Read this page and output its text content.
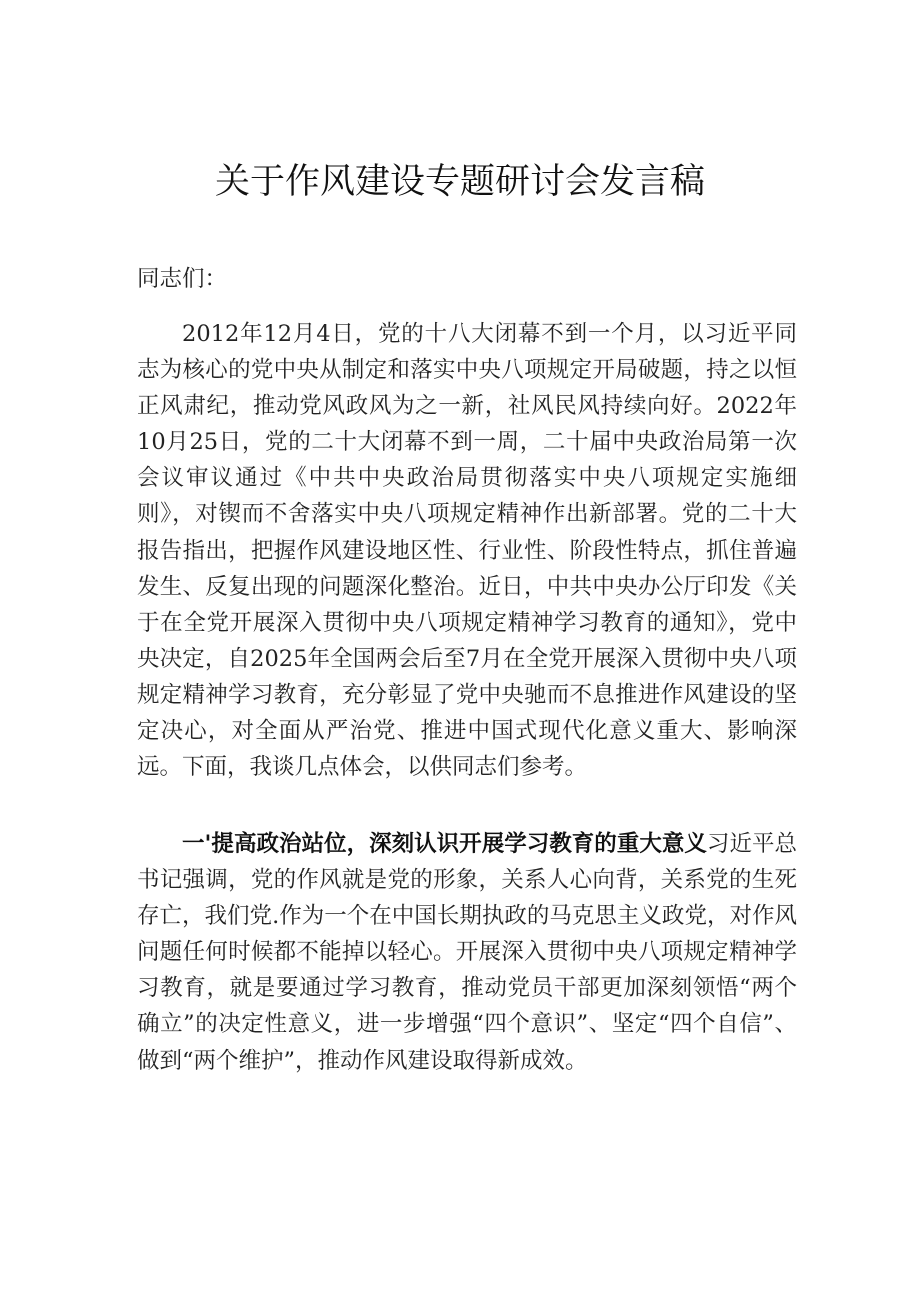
关于作风建设专题研讨会发言稿

同志们：

2012年12月4日，党的十八大闭幕不到一个月，以习近平同志为核心的党中央从制定和落实中央八项规定开局破题，持之以恒正风肃纪，推动党风政风为之一新，社风民风持续向好。2022年10月25日，党的二十大闭幕不到一周，二十届中央政治局第一次会议审议通过《中共中央政治局贯彻落实中央八项规定实施细则》，对锲而不舍落实中央八项规定精神作出新部署。党的二十大报告指出，把握作风建设地区性、行业性、阶段性特点，抓住普遍发生、反复出现的问题深化整治。近日，中共中央办公厅印发《关于在全党开展深入贯彻中央八项规定精神学习教育的通知》，党中央决定，自2025年全国两会后至7月在全党开展深入贯彻中央八项规定精神学习教育，充分彰显了党中央驰而不息推进作风建设的坚定决心，对全面从严治党、推进中国式现代化意义重大、影响深远。下面，我谈几点体会，以供同志们参考。

一'提高政治站位，深刻认识开展学习教育的重大意义习近平总书记强调，党的作风就是党的形象，关系人心向背，关系党的生死存亡，我们党.作为一个在中国长期执政的马克思主义政党，对作风问题任何时候都不能掉以轻心。开展深入贯彻中央八项规定精神学习教育，就是要通过学习教育，推动党员干部更加深刻领悟“两个确立”的决定性意义，进一步增强“四个意识”、坚定“四个自信”、做到“两个维护”，推动作风建设取得新成效。
